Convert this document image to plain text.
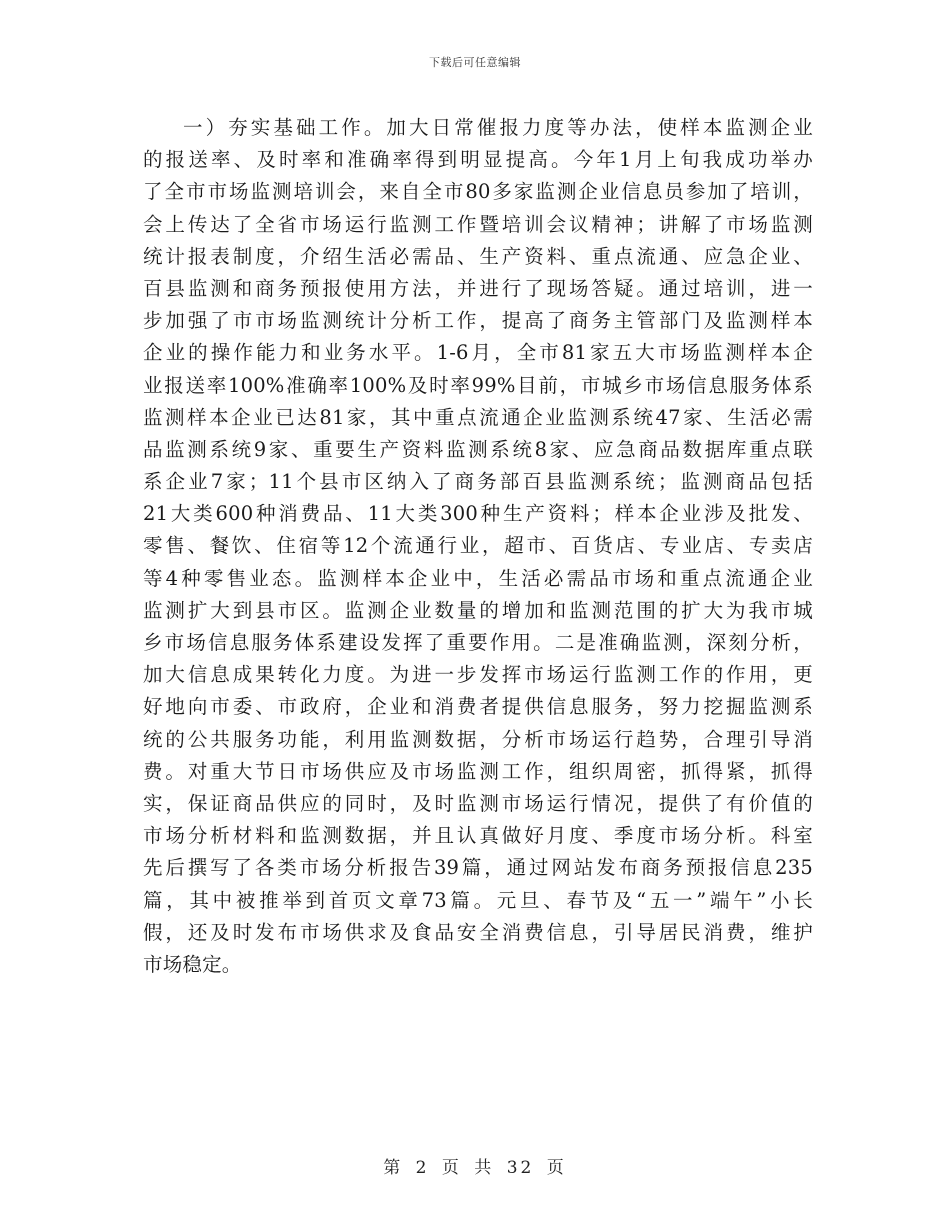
下载后可任意编辑
一）夯实基础工作。加大日常催报力度等办法，使样本监测企业
的报送率、及时率和准确率得到明显提高。今年1月上旬我成功举办
了全市市场监测培训会，来自全市80多家监测企业信息员参加了培训，
会上传达了全省市场运行监测工作暨培训会议精神；讲解了市场监测
统计报表制度，介绍生活必需品、生产资料、重点流通、应急企业、
百县监测和商务预报使用方法，并进行了现场答疑。通过培训，进一
步加强了市市场监测统计分析工作，提高了商务主管部门及监测样本
企业的操作能力和业务水平。1-6月，全市81家五大市场监测样本企
业报送率100%准确率100%及时率99%目前，市城乡市场信息服务体系
监测样本企业已达81家，其中重点流通企业监测系统47家、生活必需
品监测系统9家、重要生产资料监测系统8家、应急商品数据库重点联
系企业7家；11个县市区纳入了商务部百县监测系统；监测商品包括
21大类600种消费品、11大类300种生产资料；样本企业涉及批发、
零售、餐饮、住宿等12个流通行业，超市、百货店、专业店、专卖店
等4种零售业态。监测样本企业中，生活必需品市场和重点流通企业
监测扩大到县市区。监测企业数量的增加和监测范围的扩大为我市城
乡市场信息服务体系建设发挥了重要作用。二是准确监测，深刻分析，
加大信息成果转化力度。为进一步发挥市场运行监测工作的作用，更
好地向市委、市政府，企业和消费者提供信息服务，努力挖掘监测系
统的公共服务功能，利用监测数据，分析市场运行趋势，合理引导消
费。对重大节日市场供应及市场监测工作，组织周密，抓得紧，抓得
实，保证商品供应的同时，及时监测市场运行情况，提供了有价值的
市场分析材料和监测数据，并且认真做好月度、季度市场分析。科室
先后撰写了各类市场分析报告39篇，通过网站发布商务预报信息235
篇，其中被推举到首页文章73篇。元旦、春节及“五一”端午”小长
假，还及时发布市场供求及食品安全消费信息，引导居民消费，维护
市场稳定。
第 2 页 共 32 页
